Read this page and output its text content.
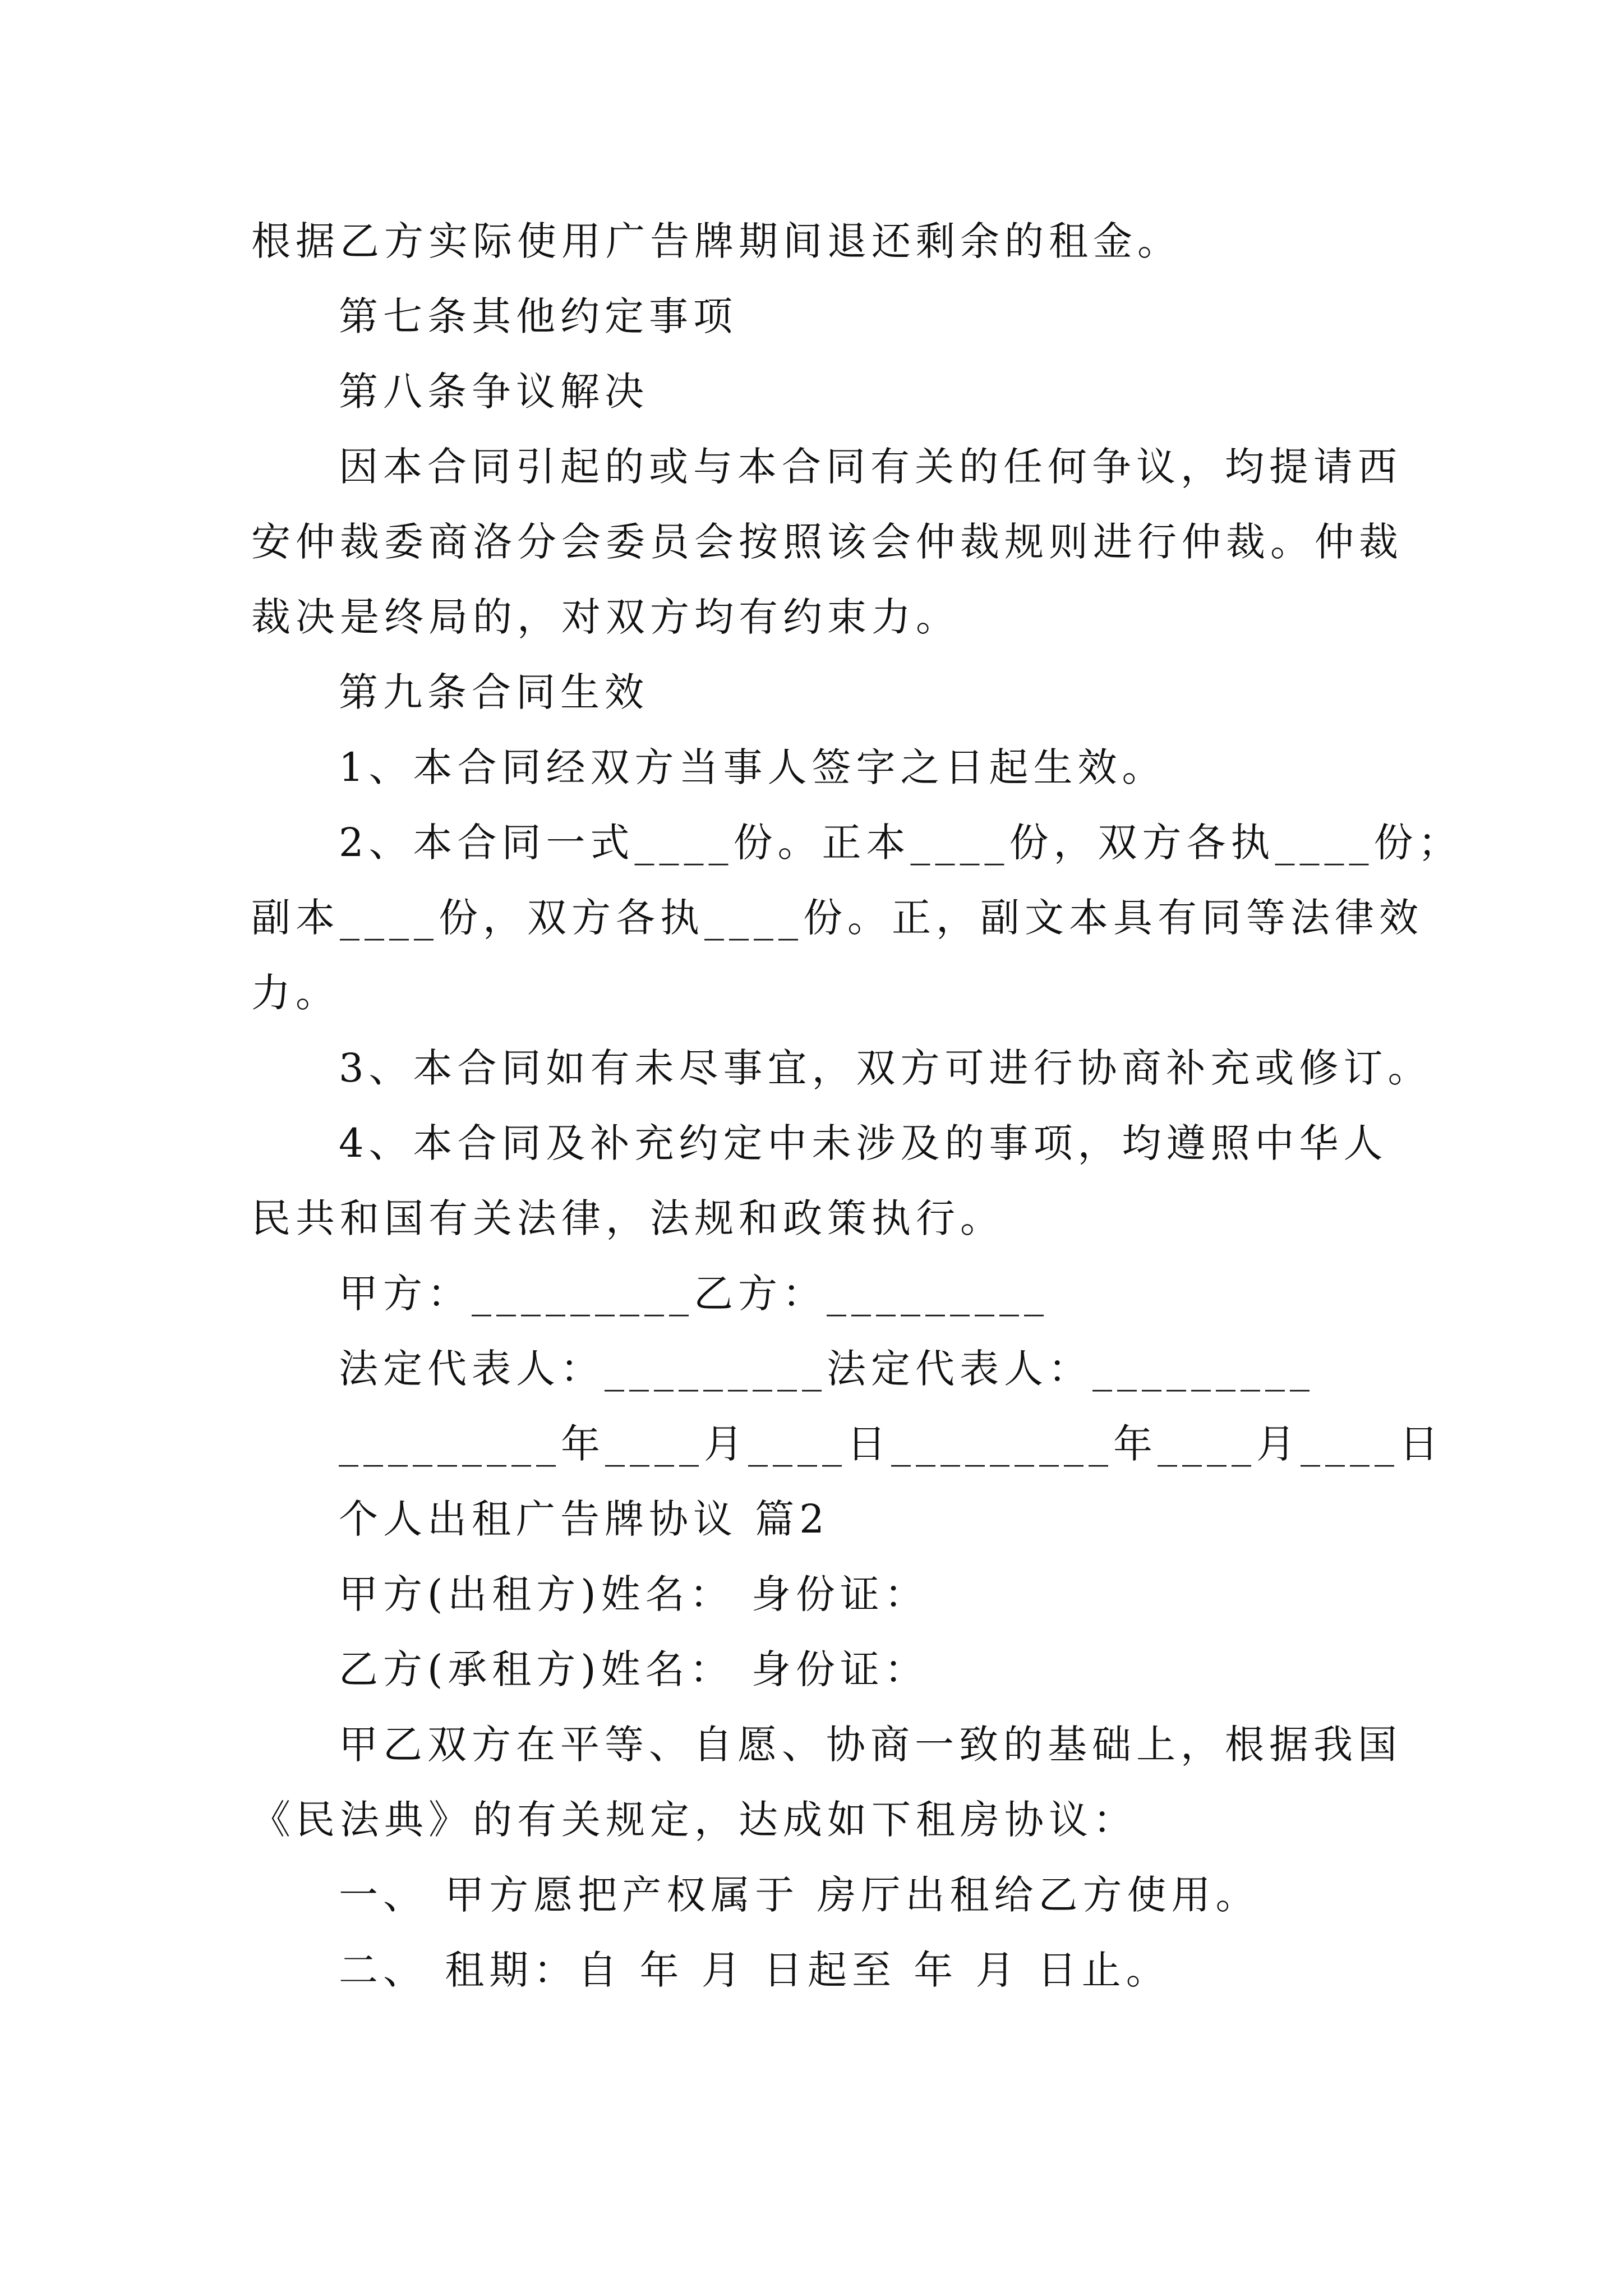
根据乙方实际使用广告牌期间退还剩余的租金。
第七条其他约定事项
第八条争议解决
因本合同引起的或与本合同有关的任何争议，均提请西
安仲裁委商洛分会委员会按照该会仲裁规则进行仲裁。仲裁
裁决是终局的，对双方均有约束力。
第九条合同生效
1、本合同经双方当事人签字之日起生效。
2、本合同一式____份。正本____份，双方各执____份；
副本____份，双方各执____份。正，副文本具有同等法律效
力。
3、本合同如有未尽事宜，双方可进行协商补充或修订。
4、本合同及补充约定中未涉及的事项，均遵照中华人
民共和国有关法律，法规和政策执行。
甲方：_________乙方：_________
法定代表人：_________法定代表人：_________
_________年____月____日_________年____月____日
个人出租广告牌协议 篇2
甲方(出租方)姓名： 身份证：
乙方(承租方)姓名： 身份证：
甲乙双方在平等、自愿、协商一致的基础上，根据我国
《民法典》的有关规定，达成如下租房协议：
一、 甲方愿把产权属于 房厅出租给乙方使用。
二、 租期：自 年 月 日起至 年 月 日止。
